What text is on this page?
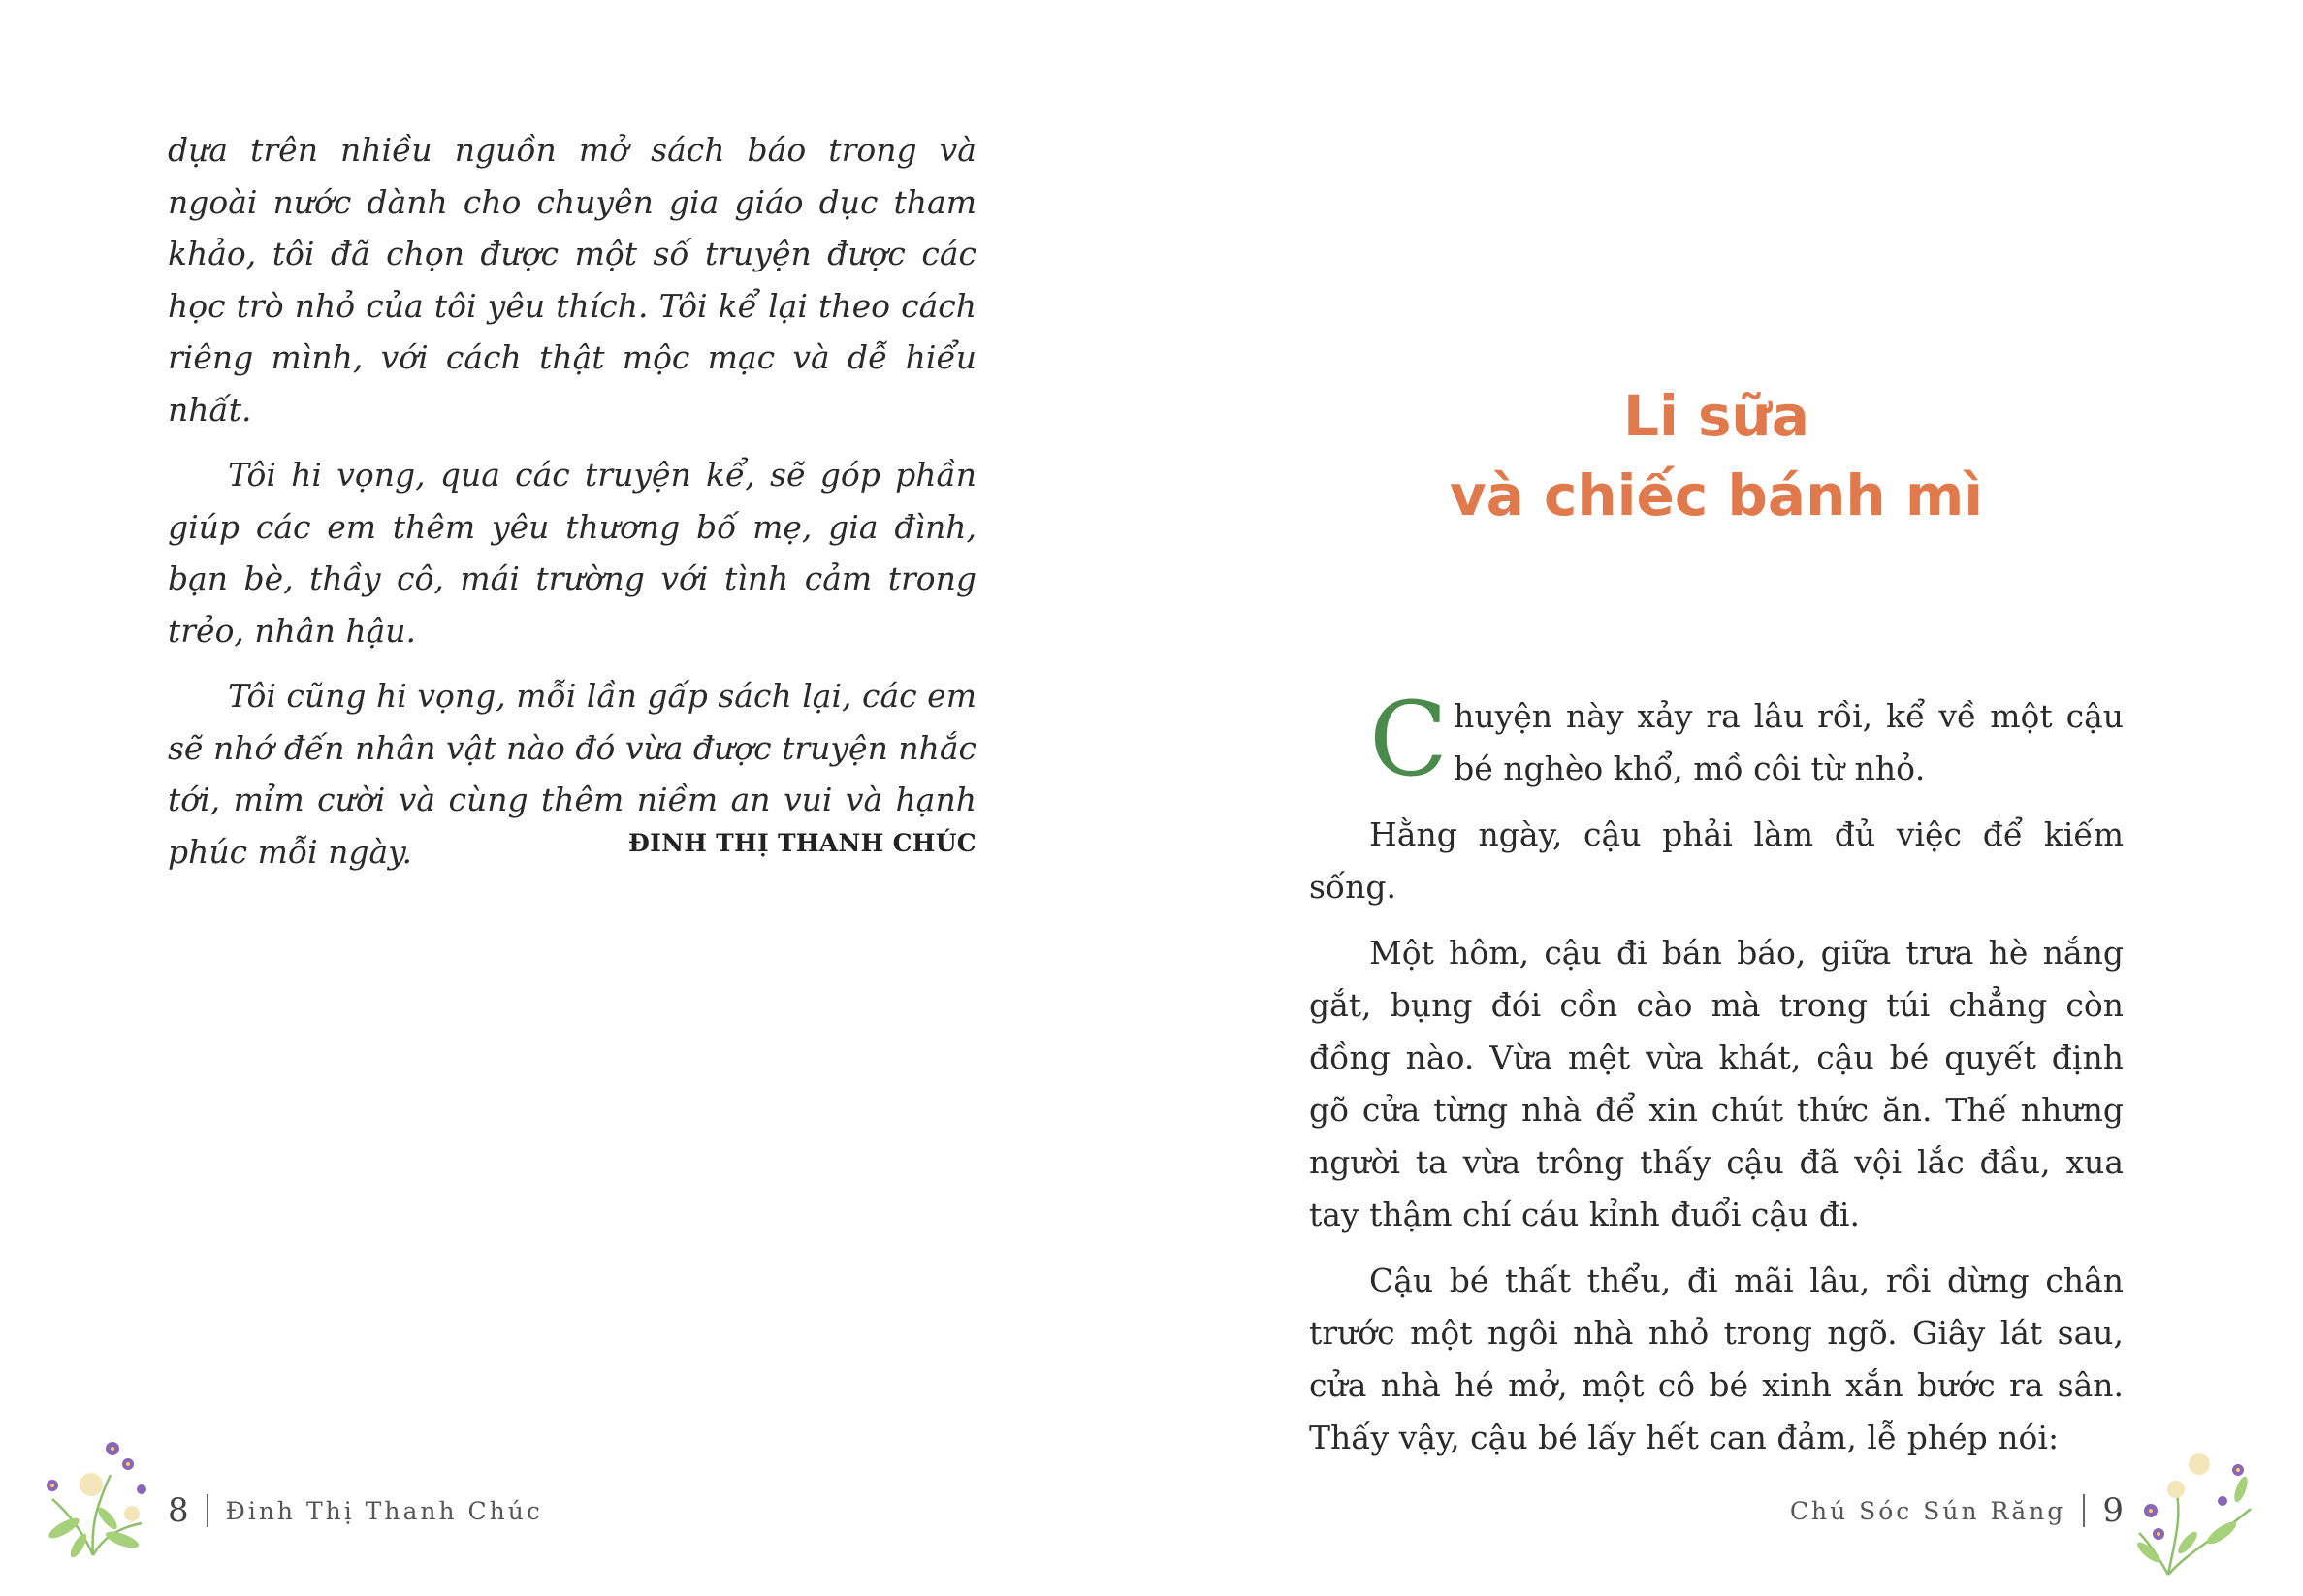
dựa trên nhiều nguồn mở sách báo trong và ngoài nước dành cho chuyên gia giáo dục tham khảo, tôi đã chọn được một số truyện được các học trò nhỏ của tôi yêu thích. Tôi kể lại theo cách riêng mình, với cách thật mộc mạc và dễ hiểu nhất.

Tôi hi vọng, qua các truyện kể, sẽ góp phần giúp các em thêm yêu thương bố mẹ, gia đình, bạn bè, thầy cô, mái trường với tình cảm trong trẻo, nhân hậu.

Tôi cũng hi vọng, mỗi lần gấp sách lại, các em sẽ nhớ đến nhân vật nào đó vừa được truyện nhắc tới, mỉm cười và cùng thêm niềm an vui và hạnh phúc mỗi ngày.	ĐINH THỊ THANH CHÚC
8 Đinh Thị Thanh Chúc
Li sữa
và chiếc bánh mì

Chuyện này xảy ra lâu rồi, kể về một cậu bé nghèo khổ, mồ côi từ nhỏ.

Hằng ngày, cậu phải làm đủ việc để kiếm sống.

Một hôm, cậu đi bán báo, giữa trưa hè nắng gắt, bụng đói cồn cào mà trong túi chẳng còn đồng nào. Vừa mệt vừa khát, cậu bé quyết định gõ cửa từng nhà để xin chút thức ăn. Thế nhưng người ta vừa trông thấy cậu đã vội lắc đầu, xua tay thậm chí cáu kỉnh đuổi cậu đi.

Cậu bé thất thểu, đi mãi lâu, rồi dừng chân trước một ngôi nhà nhỏ trong ngõ. Giây lát sau, cửa nhà hé mở, một cô bé xinh xắn bước ra sân. Thấy vậy, cậu bé lấy hết can đảm, lễ phép nói:

Chú Sóc Sún Răng 9
